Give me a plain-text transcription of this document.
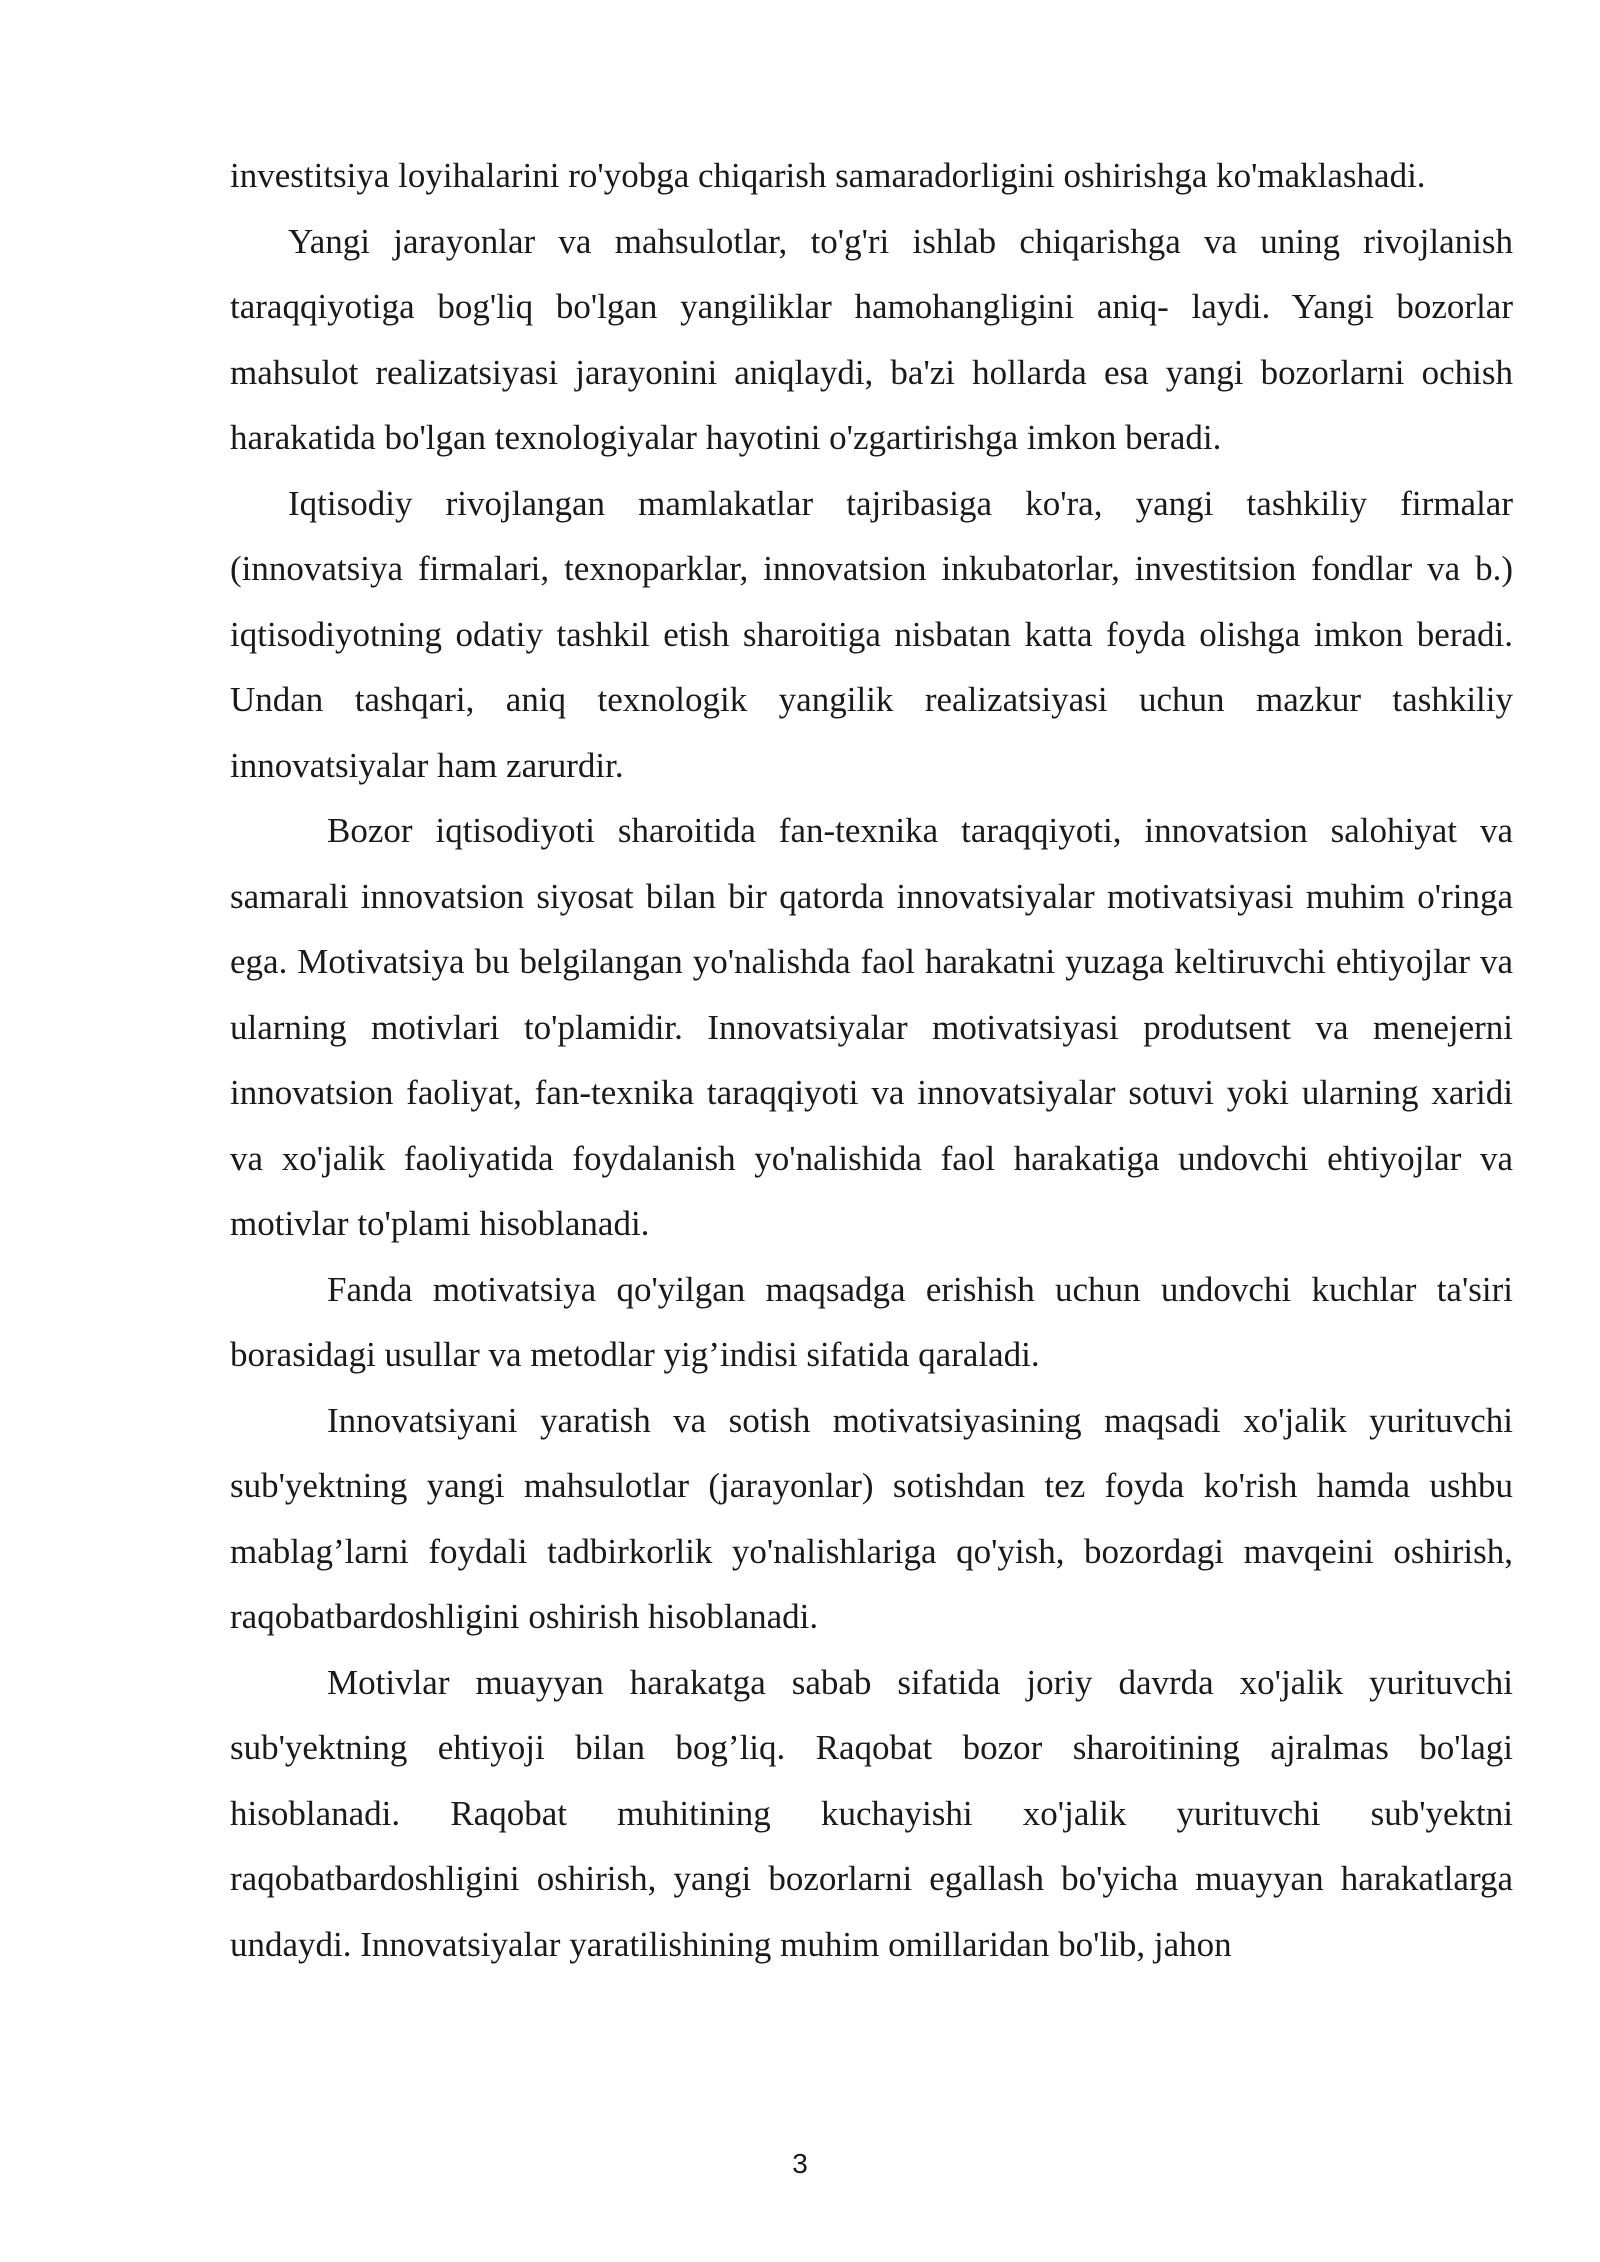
investitsiya loyihalarini ro'yobga chiqarish samaradorligini oshirishga ko'maklashadi.

Yangi jarayonlar va mahsulotlar, to'g'ri ishlab chiqarishga va uning rivojlanish taraqqiyotiga bog'liq bo'lgan yangiliklar hamohangligini aniq- laydi. Yangi bozorlar mahsulot realizatsiyasi jarayonini aniqlaydi, ba'zi hollarda esa yangi bozorlarni ochish harakatida bo'lgan texnologiyalar hayotini o'zgartirishga imkon beradi.

Iqtisodiy rivojlangan mamlakatlar tajribasiga ko'ra, yangi tashkiliy firmalar (innovatsiya firmalari, texnoparklar, innovatsion inkubatorlar, investitsion fondlar va b.) iqtisodiyotning odatiy tashkil etish sharoitiga nisbatan katta foyda olishga imkon beradi. Undan tashqari, aniq texnologik yangilik realizatsiyasi uchun mazkur tashkiliy innovatsiyalar ham zarurdir.

Bozor iqtisodiyoti sharoitida fan-texnika taraqqiyoti, innovatsion salohiyat va samarali innovatsion siyosat bilan bir qatorda innovatsiyalar motivatsiyasi muhim o'ringa ega. Motivatsiya bu belgilangan yo'nalishda faol harakatni yuzaga keltiruvchi ehtiyojlar va ularning motivlari to'plamidir. Innovatsiyalar motivatsiyasi produtsent va menejerni innovatsion faoliyat, fan-texnika taraqqiyoti va innovatsiyalar sotuvi yoki ularning xaridi va xo'jalik faoliyatida foydalanish yo'nalishida faol harakatiga undovchi ehtiyojlar va motivlar to'plami hisoblanadi.

Fanda motivatsiya qo'yilgan maqsadga erishish uchun undovchi kuchlar ta'siri borasidagi usullar va metodlar yig’indisi sifatida qaraladi.

Innovatsiyani yaratish va sotish motivatsiyasining maqsadi xo'jalik yurituvchi sub'yektning yangi mahsulotlar (jarayonlar) sotishdan tez foyda ko'rish hamda ushbu mablag’larni foydali tadbirkorlik yo'nalishlariga qo'yish, bozordagi mavqeini oshirish, raqobatbardoshligini oshirish hisoblanadi.

Motivlar muayyan harakatga sabab sifatida joriy davrda xo'jalik yurituvchi sub'yektning ehtiyoji bilan bog’liq. Raqobat bozor sharoitining ajralmas bo'lagi hisoblanadi. Raqobat muhitining kuchayishi xo'jalik yurituvchi sub'yektni raqobatbardoshligini oshirish, yangi bozorlarni egallash bo'yicha muayyan harakatlarga undaydi. Innovatsiyalar yaratilishining muhim omillaridan bo'lib, jahon

3
